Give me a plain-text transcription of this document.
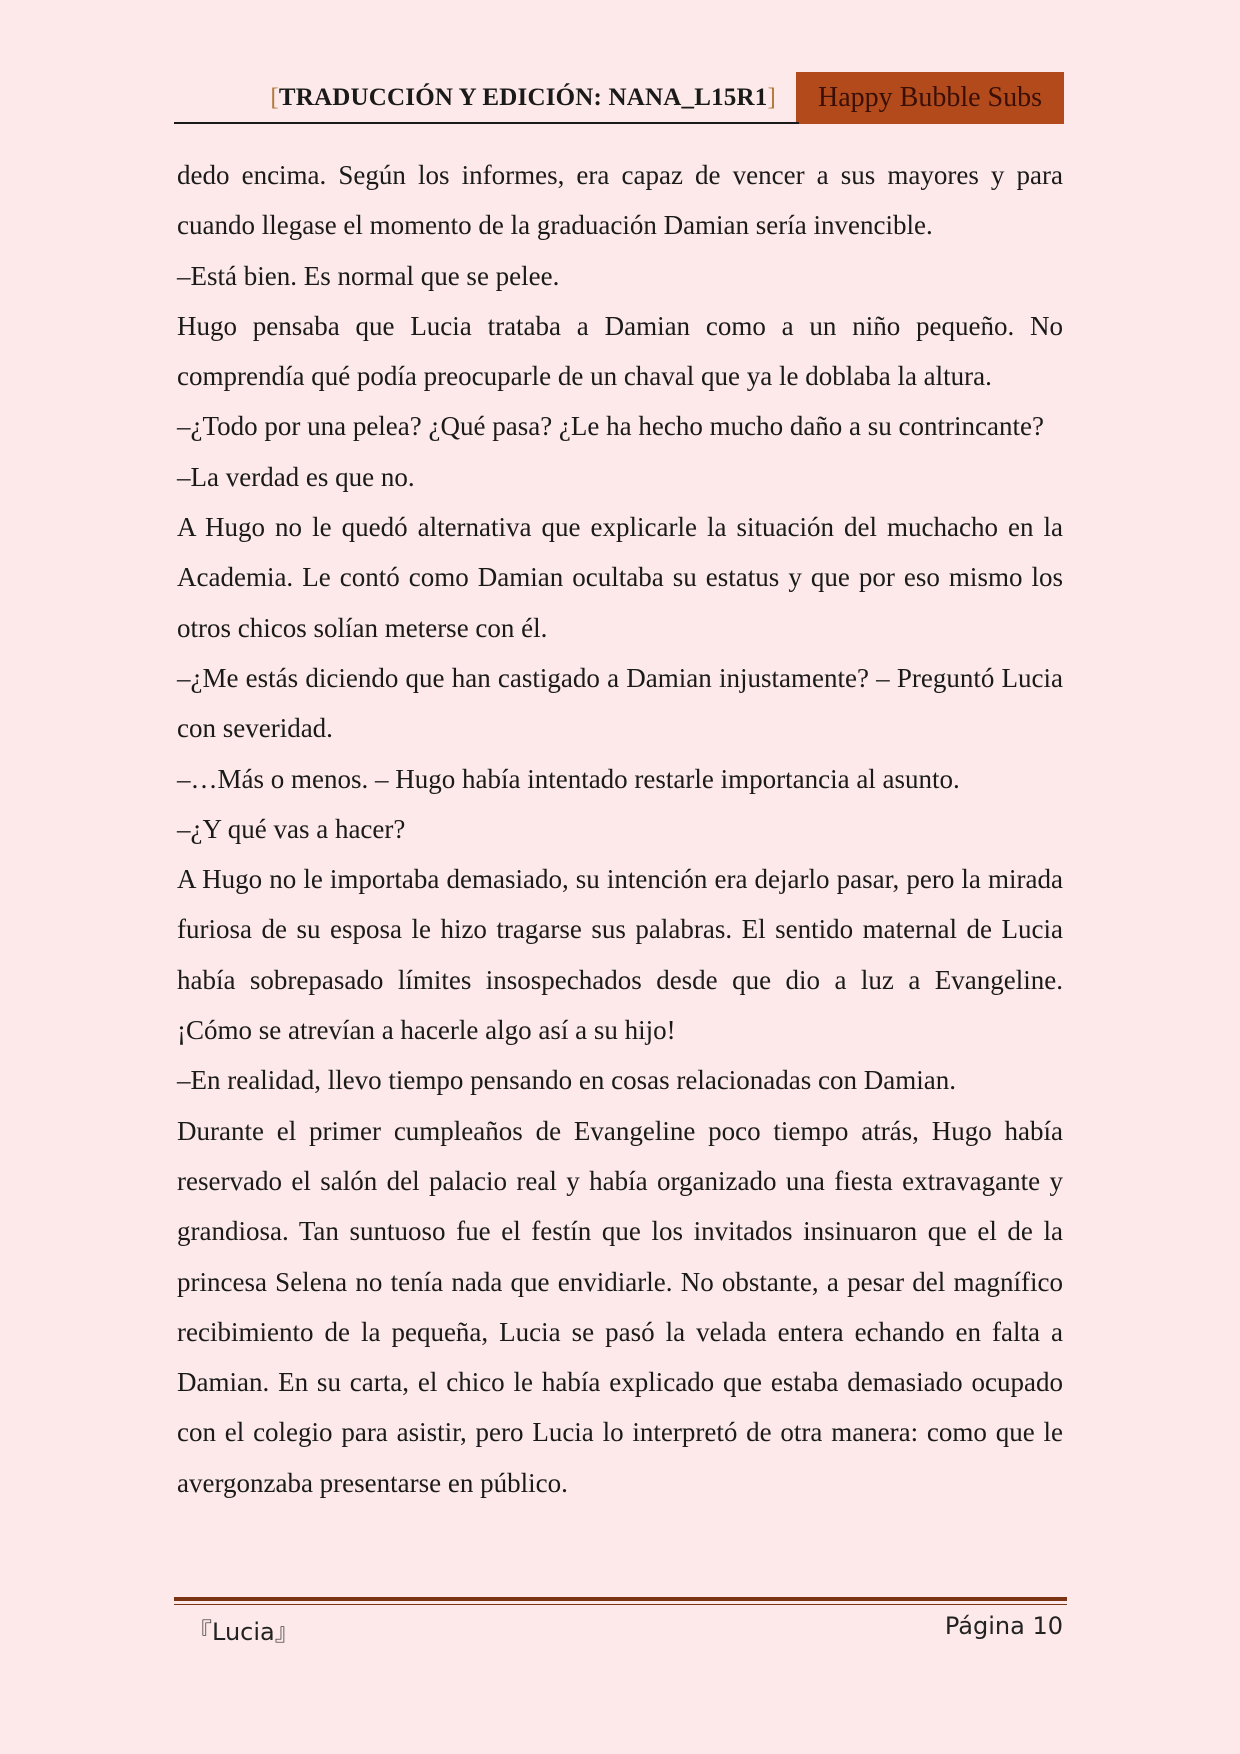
[TRADUCCIÓN Y EDICIÓN: NANA_L15R1]	Happy Bubble Subs

dedo encima. Según los informes, era capaz de vencer a sus mayores y para cuando llegase el momento de la graduación Damian sería invencible.

–Está bien. Es normal que se pelee.

Hugo pensaba que Lucia trataba a Damian como a un niño pequeño. No comprendía qué podía preocuparle de un chaval que ya le doblaba la altura.

–¿Todo por una pelea? ¿Qué pasa? ¿Le ha hecho mucho daño a su contrincante?

–La verdad es que no.

A Hugo no le quedó alternativa que explicarle la situación del muchacho en la Academia. Le contó como Damian ocultaba su estatus y que por eso mismo los otros chicos solían meterse con él.

–¿Me estás diciendo que han castigado a Damian injustamente? – Preguntó Lucia con severidad.

–…Más o menos. – Hugo había intentado restarle importancia al asunto.

–¿Y qué vas a hacer?

A Hugo no le importaba demasiado, su intención era dejarlo pasar, pero la mirada furiosa de su esposa le hizo tragarse sus palabras. El sentido maternal de Lucia había sobrepasado límites insospechados desde que dio a luz a Evangeline. ¡Cómo se atrevían a hacerle algo así a su hijo!

–En realidad, llevo tiempo pensando en cosas relacionadas con Damian.

Durante el primer cumpleaños de Evangeline poco tiempo atrás, Hugo había reservado el salón del palacio real y había organizado una fiesta extravagante y grandiosa. Tan suntuoso fue el festín que los invitados insinuaron que el de la princesa Selena no tenía nada que envidiarle. No obstante, a pesar del magnífico recibimiento de la pequeña, Lucia se pasó la velada entera echando en falta a Damian. En su carta, el chico le había explicado que estaba demasiado ocupado con el colegio para asistir, pero Lucia lo interpretó de otra manera: como que le avergonzaba presentarse en público.

『Lucia』	Página 10
